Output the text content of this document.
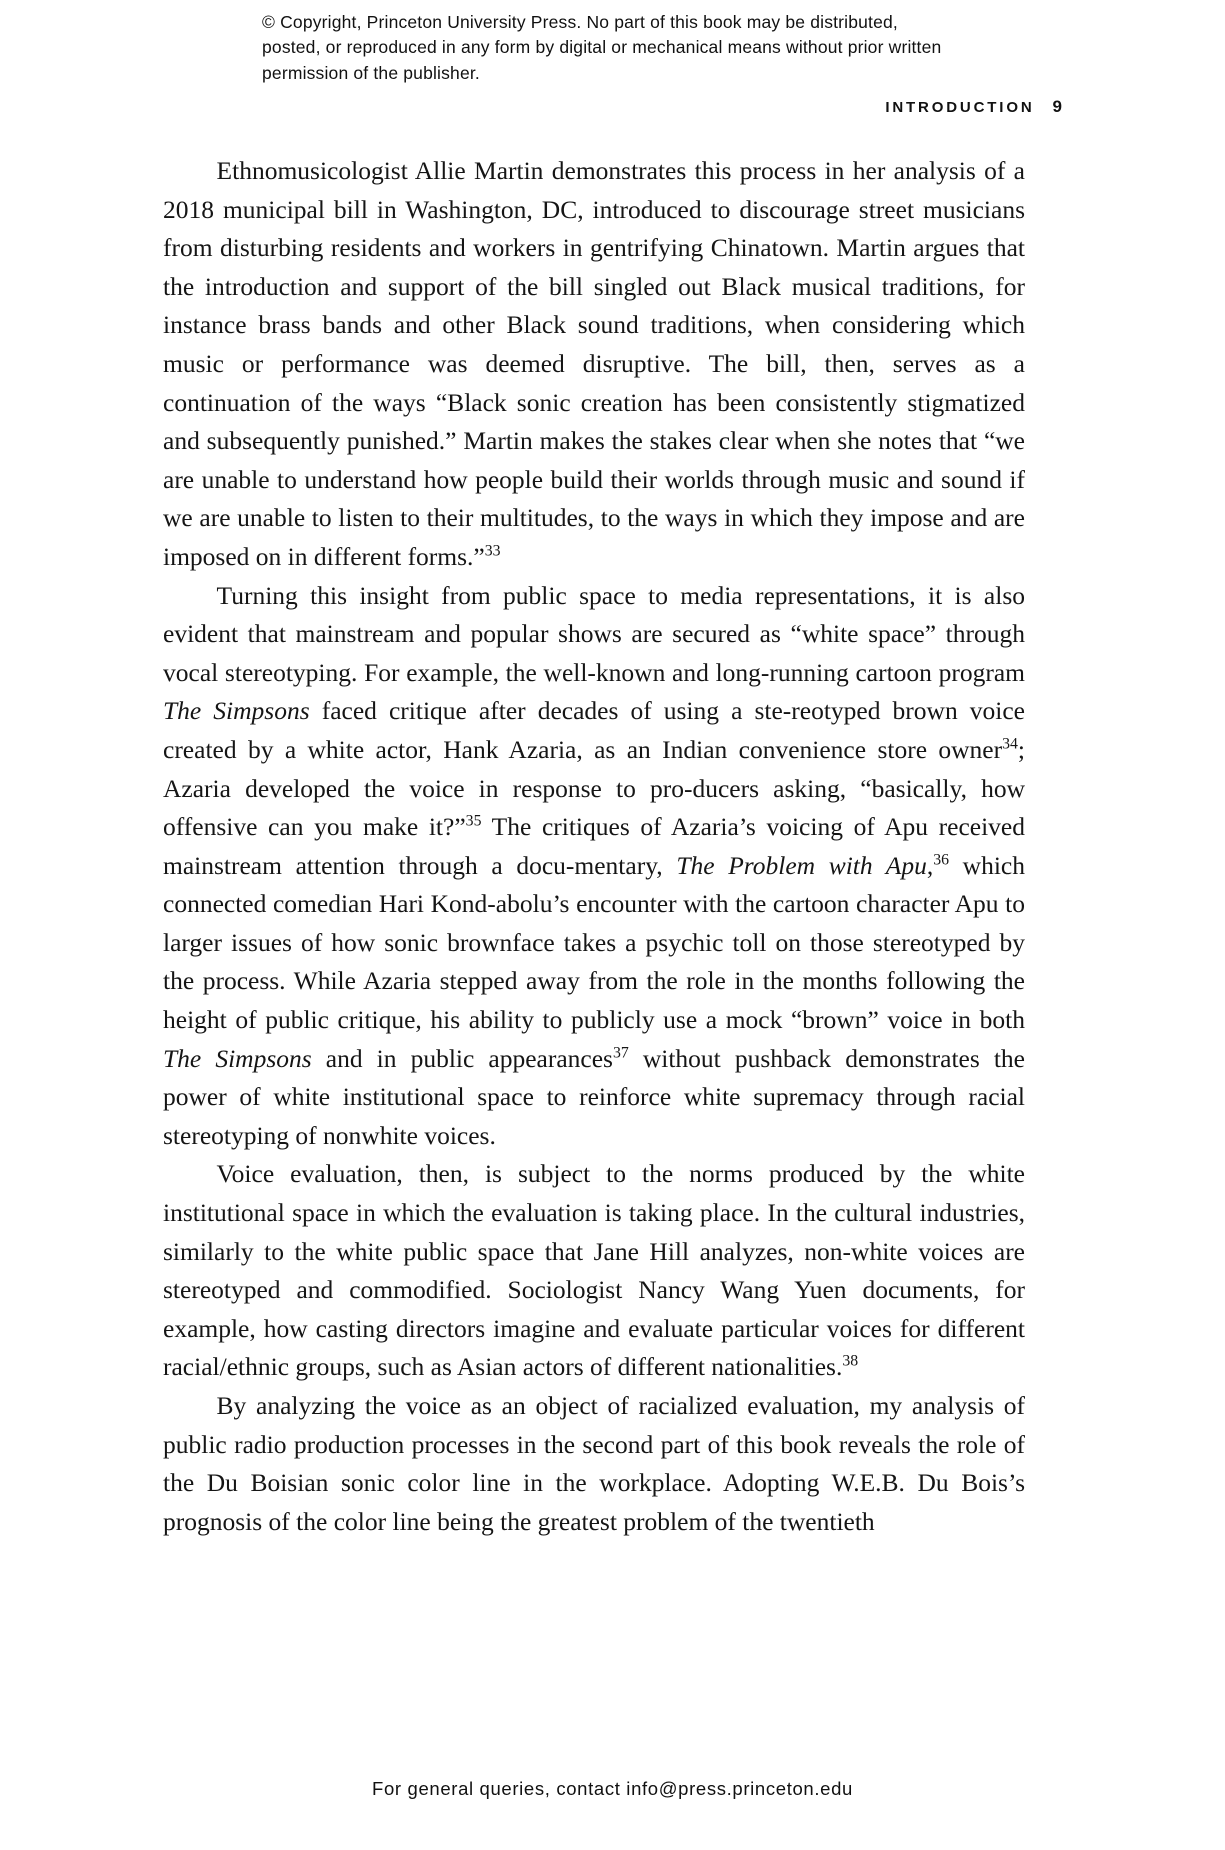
© Copyright, Princeton University Press. No part of this book may be distributed, posted, or reproduced in any form by digital or mechanical means without prior written permission of the publisher.
INTRODUCTION 9

Ethnomusicologist Allie Martin demonstrates this process in her analysis of a 2018 municipal bill in Washington, DC, introduced to discourage street musicians from disturbing residents and workers in gentrifying Chinatown. Martin argues that the introduction and support of the bill singled out Black musical traditions, for instance brass bands and other Black sound traditions, when considering which music or performance was deemed disruptive. The bill, then, serves as a continuation of the ways “Black sonic creation has been consistently stigmatized and subsequently punished.” Martin makes the stakes clear when she notes that “we are unable to understand how people build their worlds through music and sound if we are unable to listen to their multitudes, to the ways in which they impose and are imposed on in different forms.”$^{33}$

Turning this insight from public space to media representations, it is also evident that mainstream and popular shows are secured as “white space” through vocal stereotyping. For example, the well-known and long-running cartoon program The Simpsons faced critique after decades of using a ste-reotyped brown voice created by a white actor, Hank Azaria, as an Indian convenience store owner$^{34}$; Azaria developed the voice in response to pro-ducers asking, “basically, how offensive can you make it?”$^{35}$ The critiques of Azaria’s voicing of Apu received mainstream attention through a docu-mentary, The Problem with Apu,$^{36}$ which connected comedian Hari Kond-abolu’s encounter with the cartoon character Apu to larger issues of how sonic brownface takes a psychic toll on those stereotyped by the process. While Azaria stepped away from the role in the months following the height of public critique, his ability to publicly use a mock “brown” voice in both The Simpsons and in public appearances$^{37}$ without pushback demonstrates the power of white institutional space to reinforce white supremacy through racial stereotyping of nonwhite voices.

Voice evaluation, then, is subject to the norms produced by the white institutional space in which the evaluation is taking place. In the cultural industries, similarly to the white public space that Jane Hill analyzes, non-white voices are stereotyped and commodified. Sociologist Nancy Wang Yuen documents, for example, how casting directors imagine and evaluate particular voices for different racial/ethnic groups, such as Asian actors of different nationalities.$^{38}$

By analyzing the voice as an object of racialized evaluation, my analysis of public radio production processes in the second part of this book reveals the role of the Du Boisian sonic color line in the workplace. Adopting W.E.B. Du Bois’s prognosis of the color line being the greatest problem of the twentieth

For general queries, contact info@press.princeton.edu
